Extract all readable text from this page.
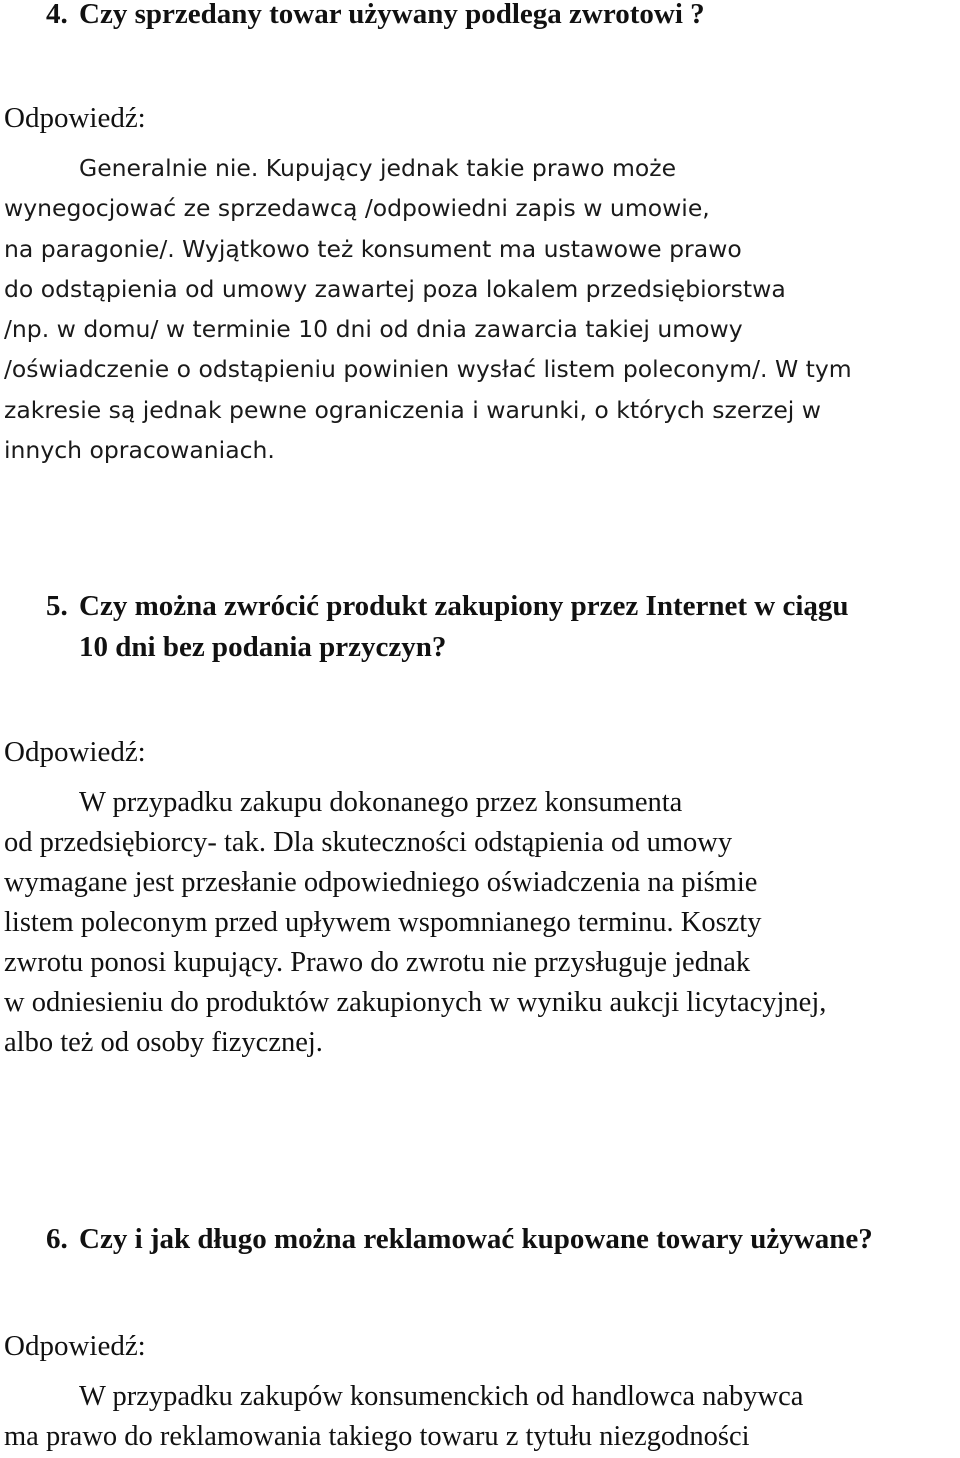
4. Czy sprzedany towar używany podlega zwrotowi ?

Odpowiedź:

Generalnie nie. Kupujący jednak takie prawo może
wynegocjować ze sprzedawcą /odpowiedni zapis w umowie,
na paragonie/. Wyjątkowo też konsument ma ustawowe prawo
do odstąpienia od umowy zawartej poza lokalem przedsiębiorstwa
/np. w domu/ w terminie 10 dni od dnia zawarcia takiej umowy
/oświadczenie o odstąpieniu powinien wysłać listem poleconym/. W tym
zakresie są jednak pewne ograniczenia i warunki, o których szerzej w
innych opracowaniach.
5. Czy można zwrócić produkt zakupiony przez Internet w ciągu
10 dni bez podania przyczyn?

Odpowiedź:

W przypadku zakupu dokonanego przez konsumenta
od przedsiębiorcy- tak. Dla skuteczności odstąpienia od umowy
wymagane jest przesłanie odpowiedniego oświadczenia na piśmie
listem poleconym przed upływem wspomnianego terminu. Koszty
zwrotu ponosi kupujący. Prawo do zwrotu nie przysługuje jednak
w odniesieniu do produktów zakupionych w wyniku aukcji licytacyjnej,
albo też od osoby fizycznej.
6. Czy i jak długo można reklamować kupowane towary używane?

Odpowiedź:

W przypadku zakupów konsumenckich od handlowca nabywca
ma prawo do reklamowania takiego towaru z tytułu niezgodności
